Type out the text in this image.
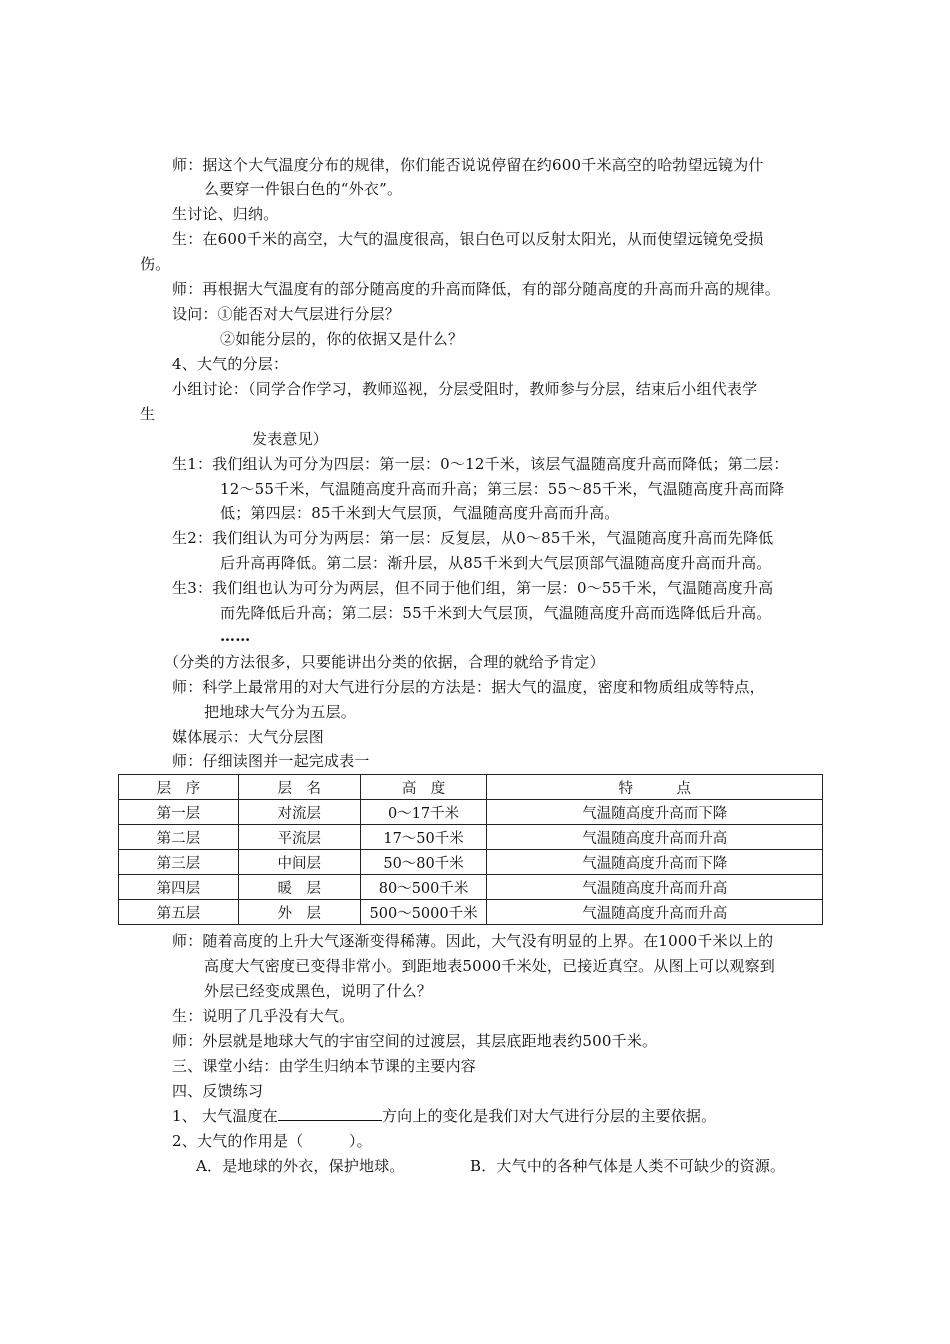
师：据这个大气温度分布的规律，你们能否说说停留在约600千米高空的哈勃望远镜为什
么要穿一件银白色的“外衣”。
生讨论、归纳。
生：在600千米的高空，大气的温度很高，银白色可以反射太阳光，从而使望远镜免受损
伤。
师：再根据大气温度有的部分随高度的升高而降低，有的部分随高度的升高而升高的规律。
设问：①能否对大气层进行分层？
②如能分层的，你的依据又是什么？
4、大气的分层：
小组讨论：（同学合作学习，教师巡视，分层受阻时，教师参与分层，结束后小组代表学
生
发表意见）
生1：我们组认为可分为四层：第一层：0～12千米，该层气温随高度升高而降低；第二层：
12～55千米，气温随高度升高而升高；第三层：55～85千米，气温随高度升高而降
低；第四层：85千米到大气层顶，气温随高度升高而升高。
生2：我们组认为可分为两层：第一层：反复层，从0～85千米，气温随高度升高而先降低
后升高再降低。第二层：渐升层，从85千米到大气层顶部气温随高度升高而升高。
生3：我们组也认为可分为两层，但不同于他们组，第一层：0～55千米，气温随高度升高
而先降低后升高；第二层：55千米到大气层顶，气温随高度升高而选降低后升高。
……
（分类的方法很多，只要能讲出分类的依据，合理的就给予肯定）
师：科学上最常用的对大气进行分层的方法是：据大气的温度，密度和物质组成等特点，
把地球大气分为五层。
媒体展示：大气分层图
师：仔细读图并一起完成表一
层　序	层　名	高　度	特　　　点
第一层	对流层	0～17千米	气温随高度升高而下降
第二层	平流层	17～50千米	气温随高度升高而升高
第三层	中间层	50～80千米	气温随高度升高而下降
第四层	暖　层	80～500千米	气温随高度升高而升高
第五层	外　层	500～5000千米	气温随高度升高而升高
师：随着高度的上升大气逐渐变得稀薄。因此，大气没有明显的上界。在1000千米以上的
高度大气密度已变得非常小。到距地表5000千米处，已接近真空。从图上可以观察到
外层已经变成黑色，说明了什么？
生：说明了几乎没有大气。
师：外层就是地球大气的宇宙空间的过渡层，其层底距地表约500千米。
三、课堂小结：由学生归纳本节课的主要内容
四、反馈练习
1、 大气温度在	方向上的变化是我们对大气进行分层的主要依据。
2、大气的作用是（　　　）。
A．是地球的外衣，保护地球。	B．大气中的各种气体是人类不可缺少的资源。
